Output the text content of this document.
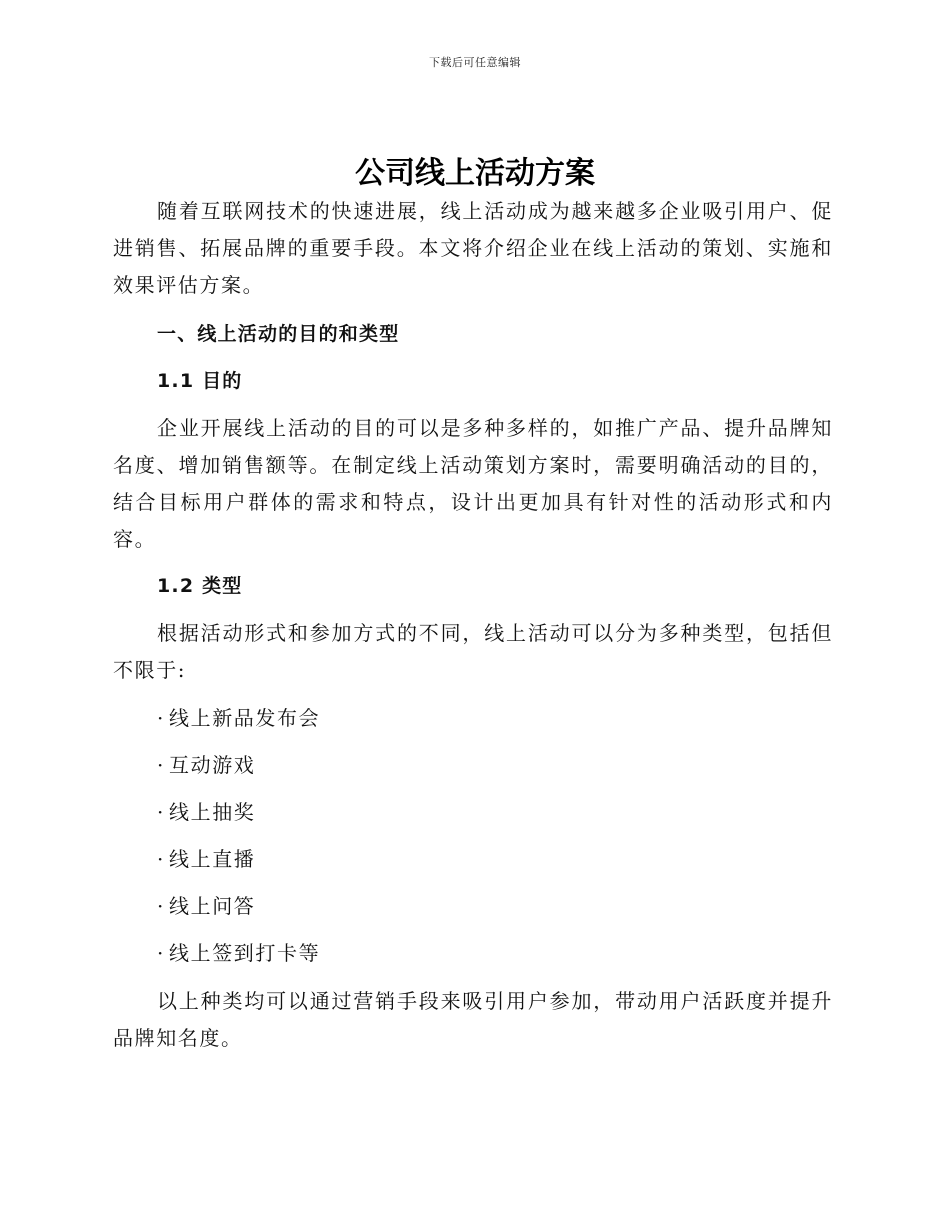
下载后可任意编辑
公司线上活动方案

随着互联网技术的快速进展，线上活动成为越来越多企业吸引用户、促进销售、拓展品牌的重要手段。本文将介绍企业在线上活动的策划、实施和效果评估方案。

一、线上活动的目的和类型

1.1 目的

企业开展线上活动的目的可以是多种多样的，如推广产品、提升品牌知名度、增加销售额等。在制定线上活动策划方案时，需要明确活动的目的，结合目标用户群体的需求和特点，设计出更加具有针对性的活动形式和内容。

1.2 类型

根据活动形式和参加方式的不同，线上活动可以分为多种类型，包括但不限于:

· 线上新品发布会

· 互动游戏

· 线上抽奖

· 线上直播

· 线上问答

· 线上签到打卡等

以上种类均可以通过营销手段来吸引用户参加，带动用户活跃度并提升品牌知名度。
